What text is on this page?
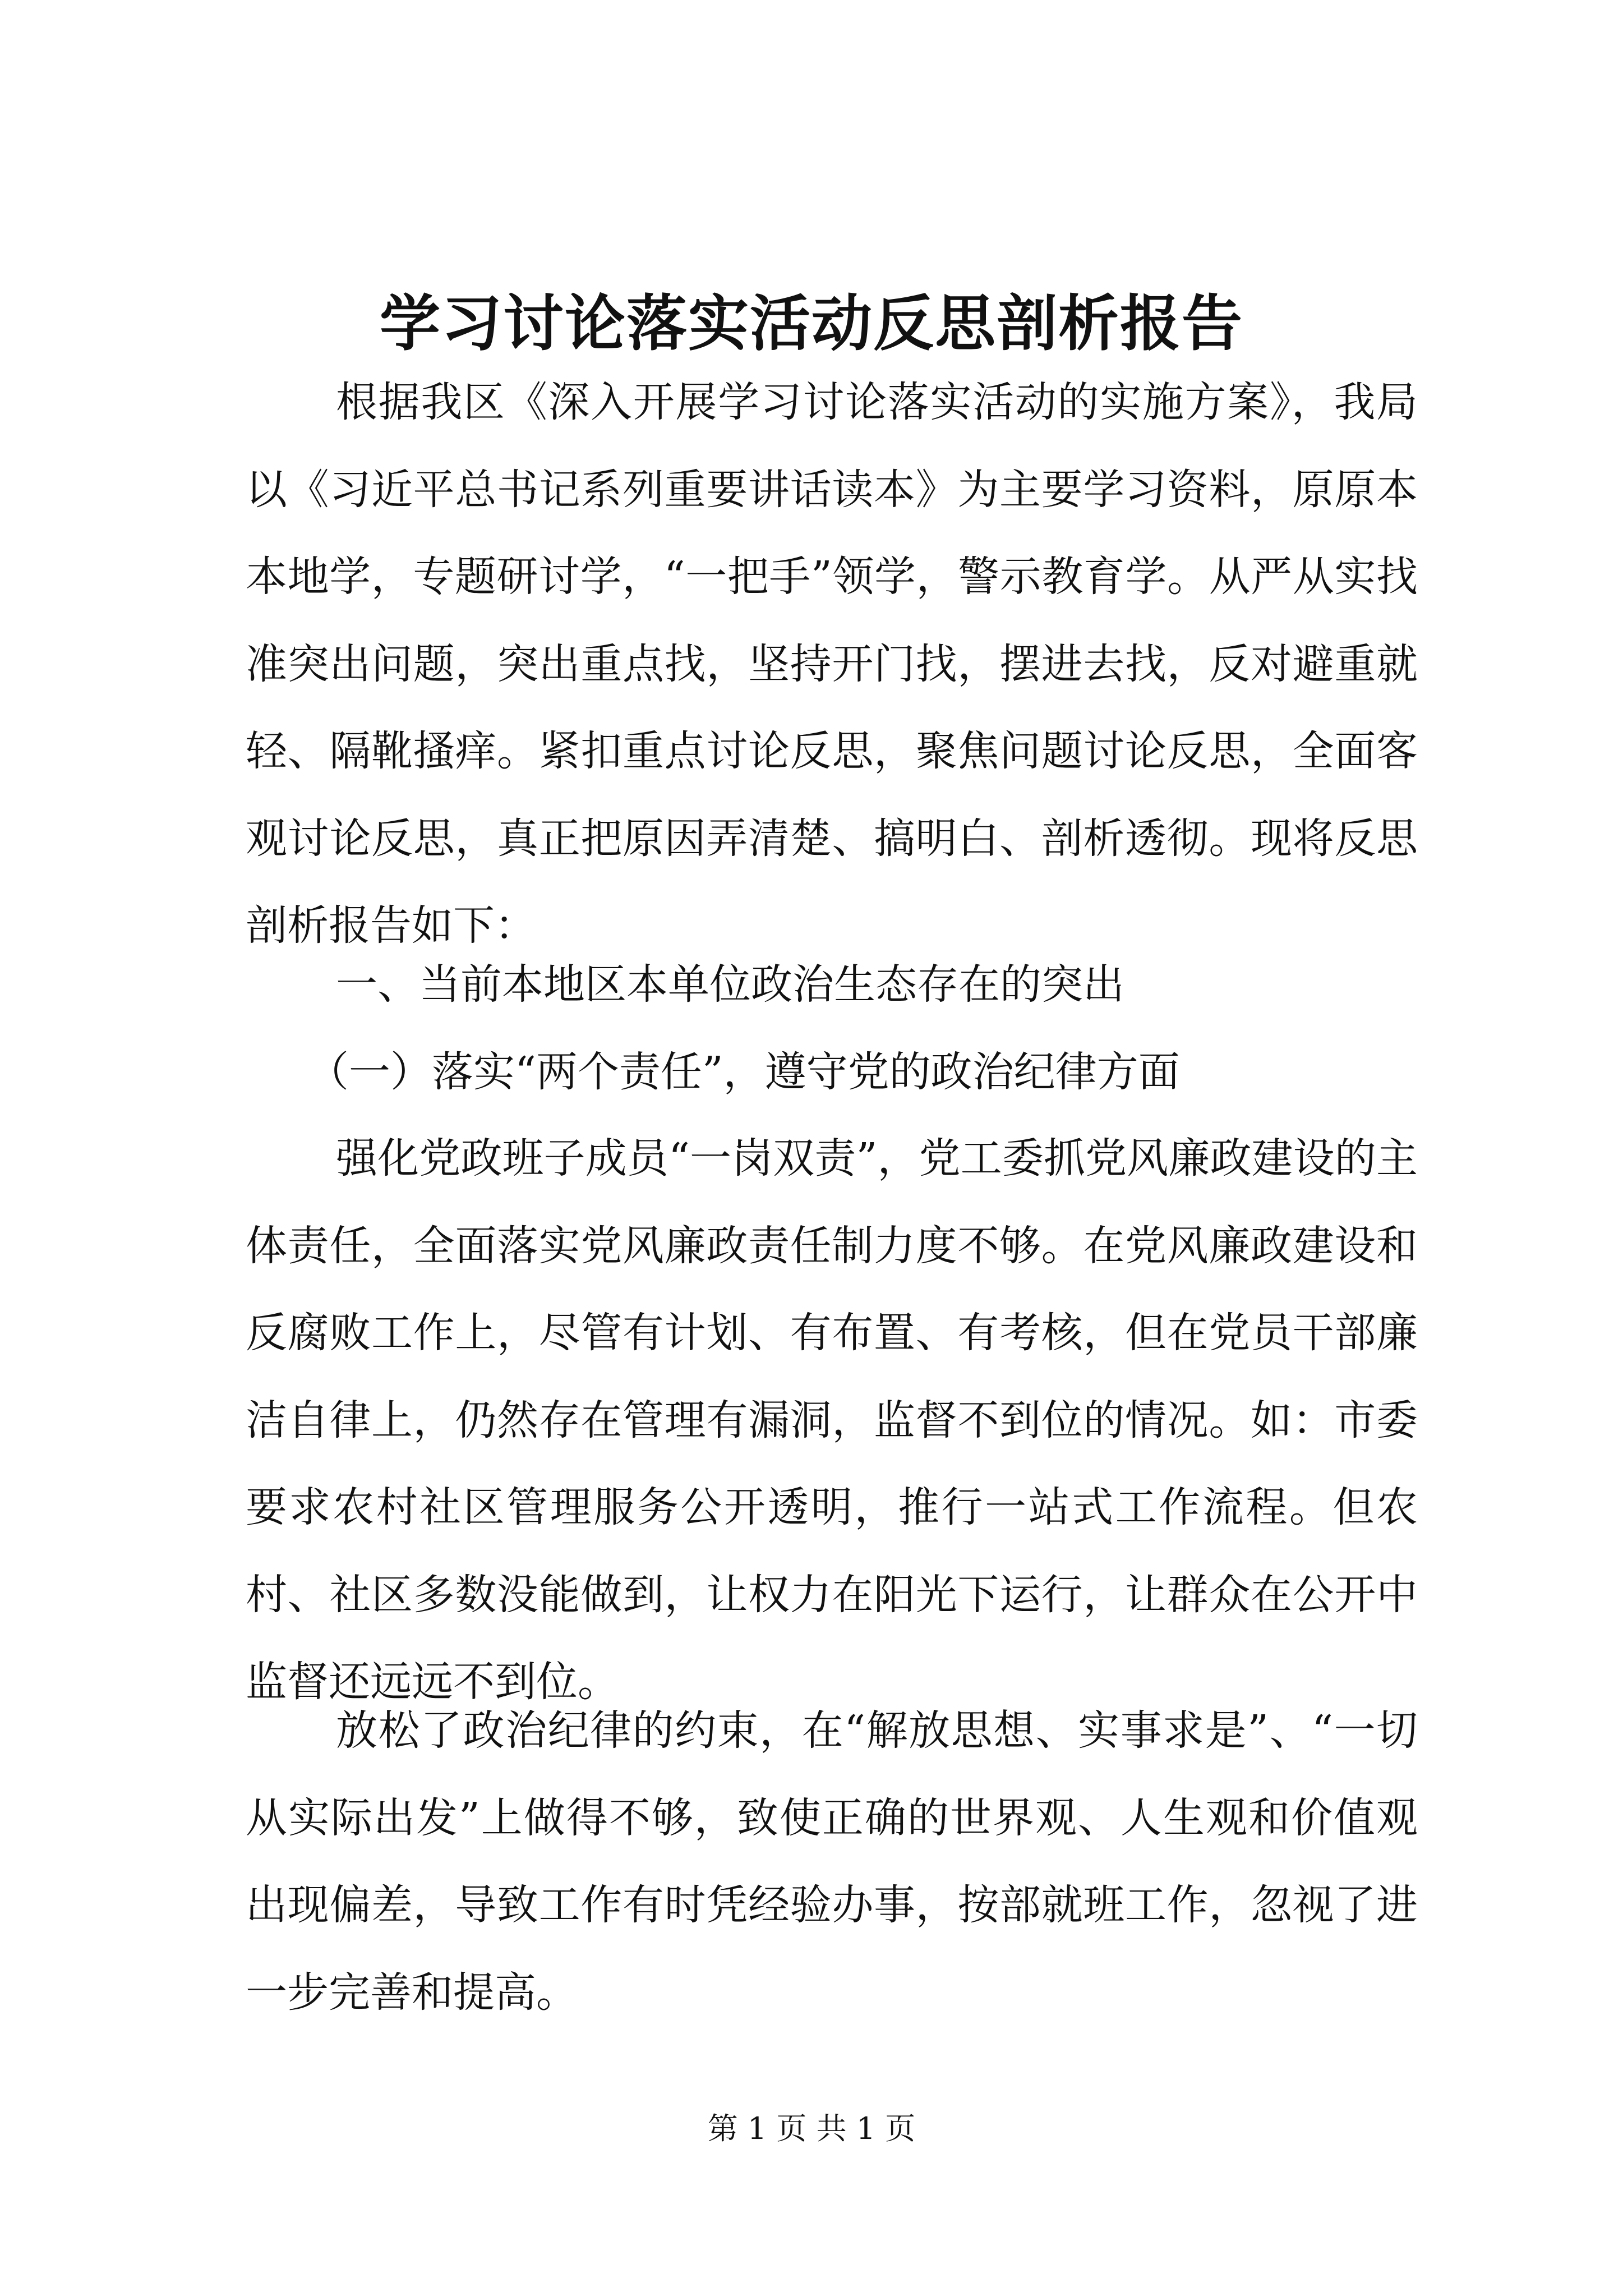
学习讨论落实活动反思剖析报告

根据我区《深入开展学习讨论落实活动的实施方案》，我局以《习近平总书记系列重要讲话读本》为主要学习资料，原原本本地学，专题研讨学，“一把手”领学，警示教育学。从严从实找准突出问题，突出重点找，坚持开门找，摆进去找，反对避重就轻、隔靴搔痒。紧扣重点讨论反思，聚焦问题讨论反思，全面客观讨论反思，真正把原因弄清楚、搞明白、剖析透彻。现将反思剖析报告如下：

一、当前本地区本单位政治生态存在的突出

（一）落实“两个责任”，遵守党的政治纪律方面

强化党政班子成员“一岗双责”，党工委抓党风廉政建设的主体责任，全面落实党风廉政责任制力度不够。在党风廉政建设和反腐败工作上，尽管有计划、有布置、有考核，但在党员干部廉洁自律上，仍然存在管理有漏洞，监督不到位的情况。如：市委要求农村社区管理服务公开透明，推行一站式工作流程。但农村、社区多数没能做到，让权力在阳光下运行，让群众在公开中监督还远远不到位。

放松了政治纪律的约束，在“解放思想、实事求是”、“一切从实际出发”上做得不够，致使正确的世界观、人生观和价值观出现偏差，导致工作有时凭经验办事，按部就班工作，忽视了进一步完善和提高。

第 1 页 共 1 页
